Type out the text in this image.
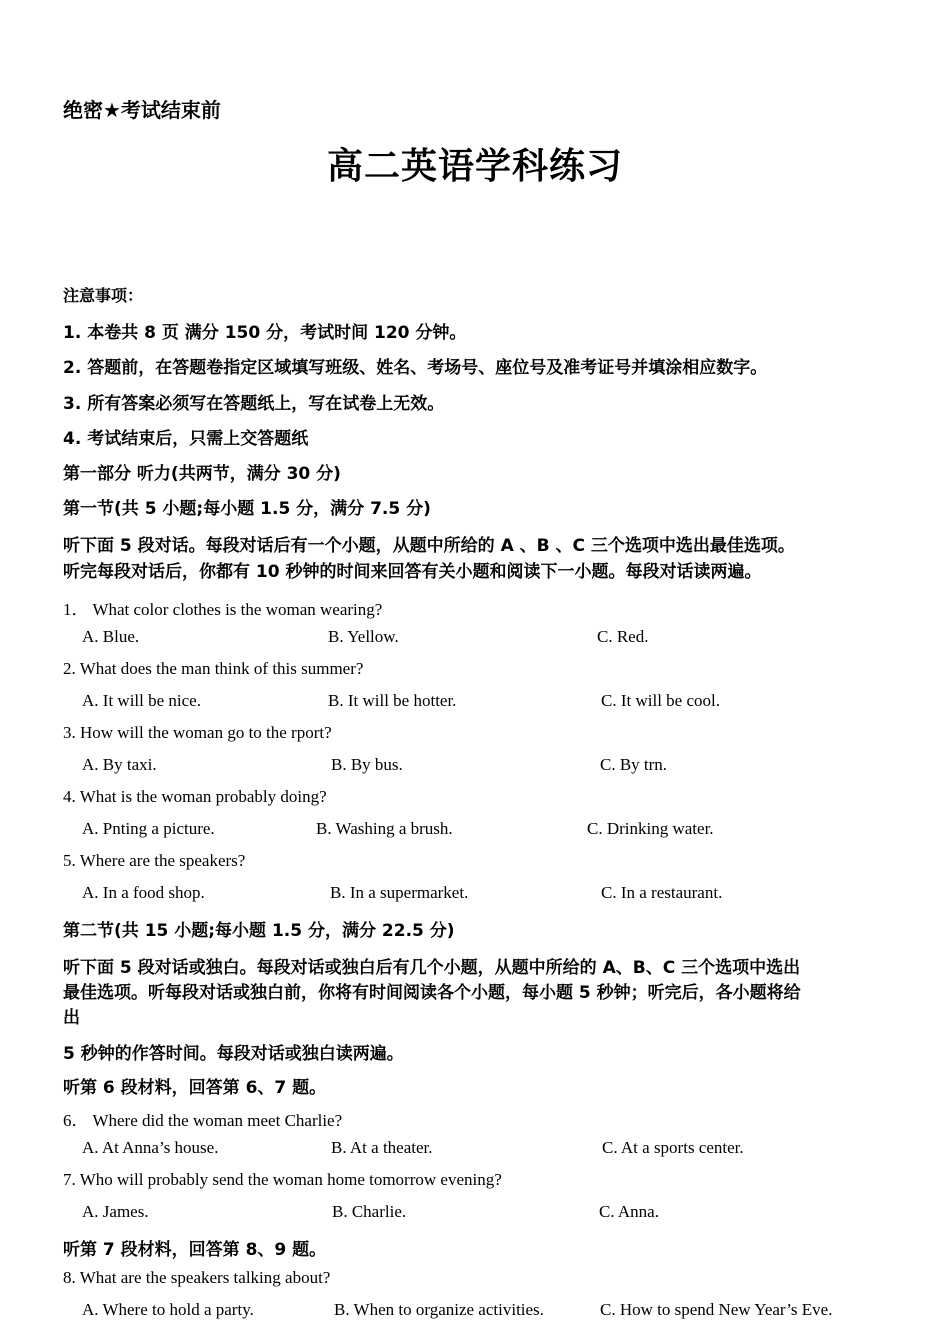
绝密★考试结束前
高二英语学科练习
注意事项：
1. 本卷共 8 页 满分 150 分，考试时间 120 分钟。
2. 答题前，在答题卷指定区域填写班级、姓名、考场号、座位号及准考证号并填涂相应数字。
3. 所有答案必须写在答题纸上，写在试卷上无效。
4. 考试结束后，只需上交答题纸
第一部分 听力(共两节，满分 30 分)
第一节(共 5 小题;每小题 1.5 分，满分 7.5 分)
听下面 5 段对话。每段对话后有一个小题，从题中所给的 A 、B 、C 三个选项中选出最佳选项。
听完每段对话后，你都有 10 秒钟的时间来回答有关小题和阅读下一小题。每段对话读两遍。
1． What color clothes is the woman wearing?
A. Blue.	B. Yellow.	C. Red.
2. What does the man think of this summer?
A. It will be nice.	B. It will be hotter.	C. It will be cool.
3. How will the woman go to the rport?
A. By taxi.	B. By bus.	C. By trn.
4. What is the woman probably doing?
A. Pnting a picture.	B. Washing a brush.	C. Drinking water.
5. Where are the speakers?
A. In a food shop.	B. In a supermarket.	C. In a restaurant.
第二节(共 15 小题;每小题 1.5 分，满分 22.5 分)
听下面 5 段对话或独白。每段对话或独白后有几个小题，从题中所给的 A、B、C 三个选项中选出
最佳选项。听每段对话或独白前，你将有时间阅读各个小题，每小题 5 秒钟；听完后，各小题将给
出
5 秒钟的作答时间。每段对话或独白读两遍。
听第 6 段材料，回答第 6、7 题。
6． Where did the woman meet Charlie?
A. At Anna’s house.	B. At a theater.	C. At a sports center.
7. Who will probably send the woman home tomorrow evening?
A. James.	B. Charlie.	C. Anna.
听第 7 段材料，回答第 8、9 题。
8. What are the speakers talking about?
A. Where to hold a party.	B. When to organize activities.	C. How to spend New Year’s Eve.
